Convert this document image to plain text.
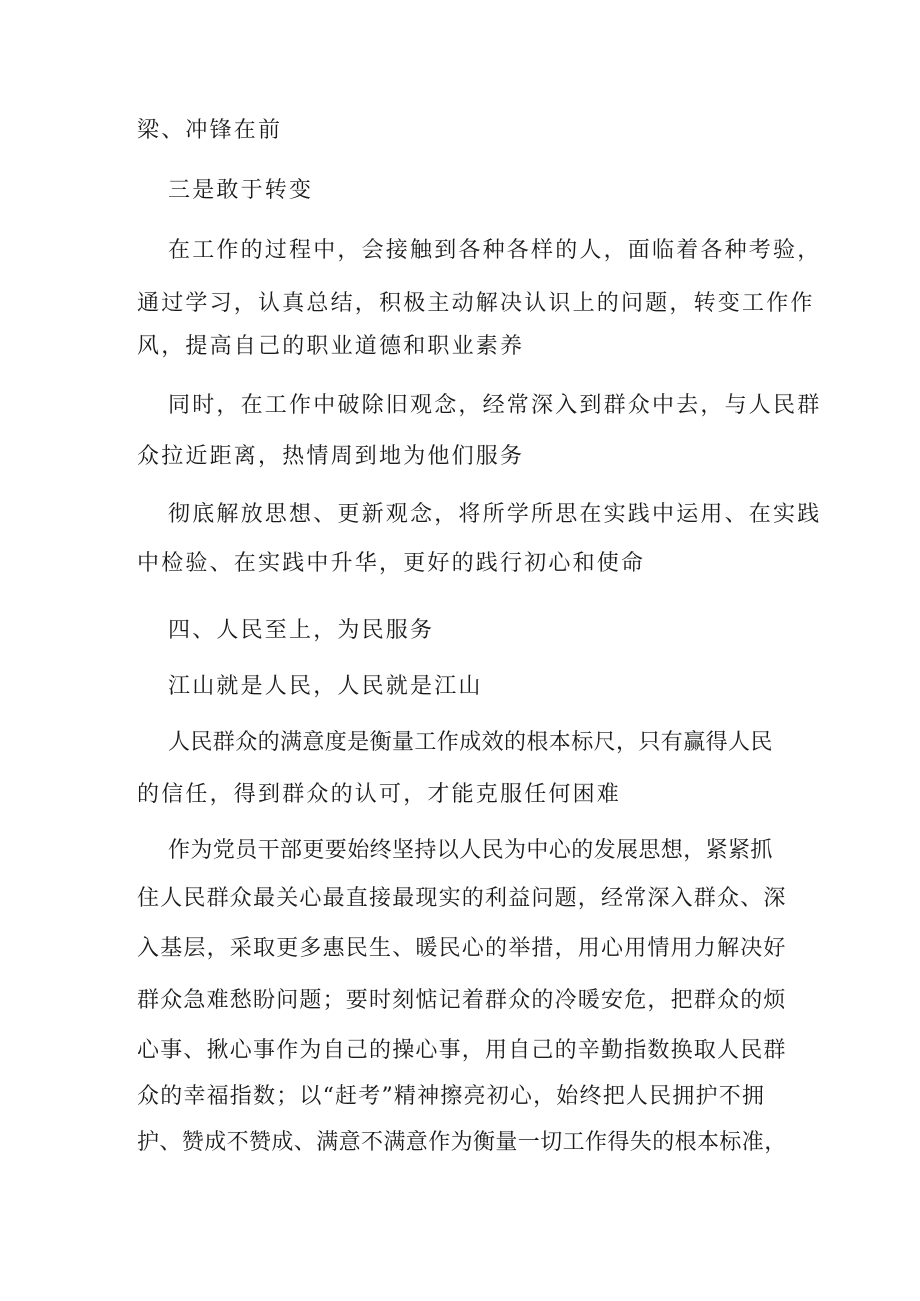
梁、冲锋在前

三是敢于转变

在工作的过程中，会接触到各种各样的人，面临着各种考验，

通过学习，认真总结，积极主动解决认识上的问题，转变工作作

风，提高自己的职业道德和职业素养

同时，在工作中破除旧观念，经常深入到群众中去，与人民群

众拉近距离，热情周到地为他们服务

彻底解放思想、更新观念，将所学所思在实践中运用、在实践

中检验、在实践中升华，更好的践行初心和使命

四、人民至上，为民服务

江山就是人民，人民就是江山

人民群众的满意度是衡量工作成效的根本标尺，只有赢得人民

的信任，得到群众的认可，才能克服任何困难

作为党员干部更要始终坚持以人民为中心的发展思想，紧紧抓

住人民群众最关心最直接最现实的利益问题，经常深入群众、深

入基层，采取更多惠民生、暖民心的举措，用心用情用力解决好

群众急难愁盼问题；要时刻惦记着群众的冷暖安危，把群众的烦

心事、揪心事作为自己的操心事，用自己的辛勤指数换取人民群

众的幸福指数；以“赶考”精神擦亮初心，始终把人民拥护不拥

护、赞成不赞成、满意不满意作为衡量一切工作得失的根本标准，
